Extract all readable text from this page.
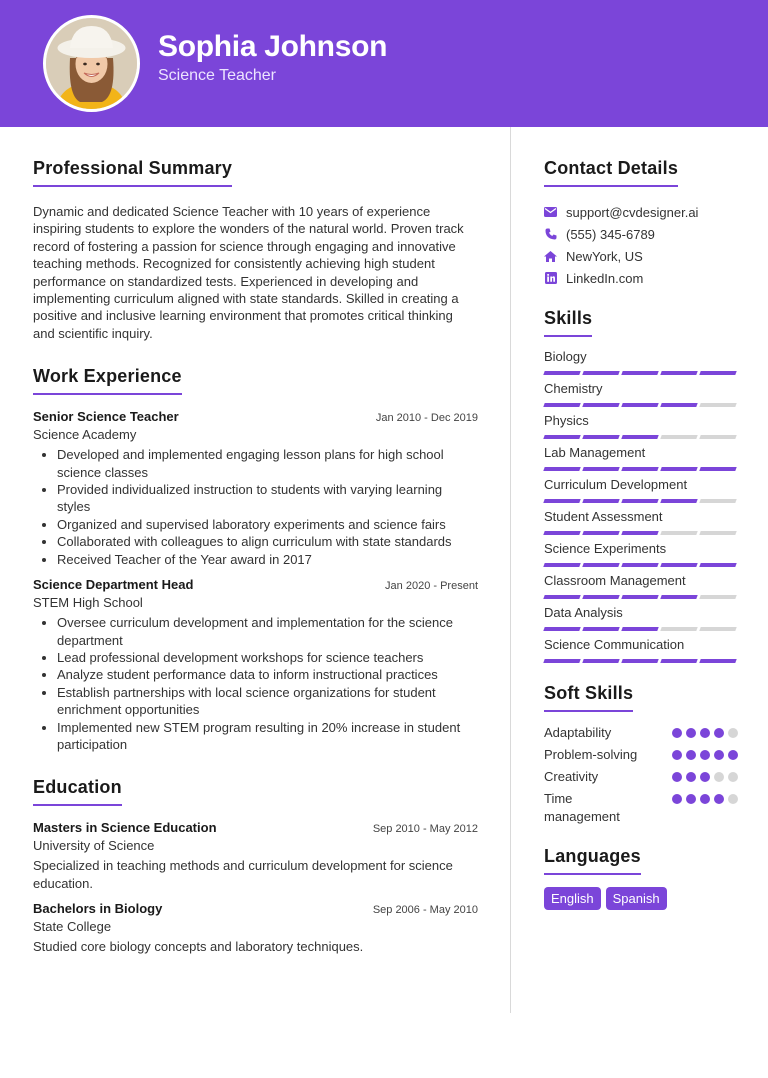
Sophia Johnson
Science Teacher
Professional Summary

Dynamic and dedicated Science Teacher with 10 years of experience inspiring students to explore the wonders of the natural world. Proven track record of fostering a passion for science through engaging and innovative teaching methods. Recognized for consistently achieving high student performance on standardized tests. Experienced in developing and implementing curriculum aligned with state standards. Skilled in creating a positive and inclusive learning environment that promotes critical thinking and scientific inquiry.

Work Experience
Senior Science Teacher	Jan 2010 - Dec 2019
Science Academy
• Developed and implemented engaging lesson plans for high school science classes
• Provided individualized instruction to students with varying learning styles
• Organized and supervised laboratory experiments and science fairs
• Collaborated with colleagues to align curriculum with state standards
• Received Teacher of the Year award in 2017
Science Department Head	Jan 2020 - Present
STEM High School
• Oversee curriculum development and implementation for the science department
• Lead professional development workshops for science teachers
• Analyze student performance data to inform instructional practices
• Establish partnerships with local science organizations for student enrichment opportunities
• Implemented new STEM program resulting in 20% increase in student participation
Education
Masters in Science Education	Sep 2010 - May 2012
University of Science

Specialized in teaching methods and curriculum development for science education.

Bachelors in Biology	Sep 2006 - May 2010
State College

Studied core biology concepts and laboratory techniques.

Contact Details
support@cvdesigner.ai
(555) 345-6789
NewYork, US
LinkedIn.com
Skills
Biology
Chemistry
Physics
Lab Management
Curriculum Development
Student Assessment
Science Experiments
Classroom Management
Data Analysis
Science Communication
Soft Skills
Adaptability
Problem-solving
Creativity
Time management
Languages
English	Spanish
